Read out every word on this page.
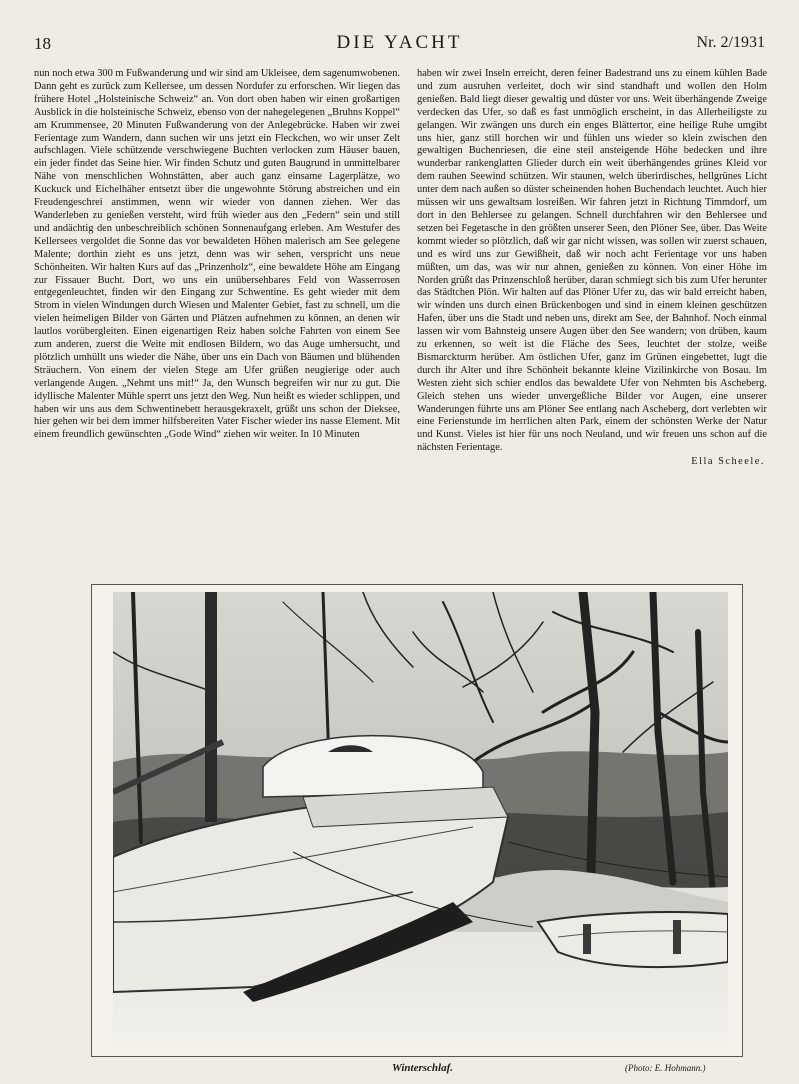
18	DIE YACHT	Nr. 2/1931
nun noch etwa 300 m Fußwanderung und wir sind am Ukleisee, dem sagenumwobenen. Dann geht es zurück zum Kellersee, um dessen Nordufer zu erforschen. Wir liegen das frühere Hotel „Holsteinische Schweiz“ an. Von dort oben haben wir einen großartigen Ausblick in die holsteinische Schweiz, ebenso von der nahegelegenen „Bruhns Koppel“ am Krummensee, 20 Minuten Fußwanderung von der Anlegebrücke. Haben wir zwei Ferientage zum Wandern, dann suchen wir uns jetzt ein Fleckchen, wo wir unser Zelt aufschlagen. Viele schützende verschwiegene Buchten verlocken zum Häuser bauen, ein jeder findet das Seine hier. Wir finden Schutz und guten Baugrund in unmittelbarer Nähe von menschlichen Wohnstätten, aber auch ganz einsame Lagerplätze, wo Kuckuck und Eichelhäher entsetzt über die ungewohnte Störung abstreichen und ein Freudengeschrei anstimmen, wenn wir wieder von dannen ziehen. Wer das Wanderleben zu genießen versteht, wird früh wieder aus den „Federn“ sein und still und andächtig den unbeschreiblich schönen Sonnenaufgang erleben. Am Westufer des Kellersees vergoldet die Sonne das vor bewaldeten Höhen malerisch am See gelegene Malente; dorthin zieht es uns jetzt, denn was wir sehen, verspricht uns neue Schönheiten. Wir halten Kurs auf das „Prinzenholz“, eine bewaldete Höhe am Eingang zur Fissauer Bucht. Dort, wo uns ein unübersehbares Feld von Wasserrosen entgegenleuchtet, finden wir den Eingang zur Schwentine. Es geht wieder mit dem Strom in vielen Windungen durch Wiesen und Malenter Gebiet, fast zu schnell, um die vielen heimeligen Bilder von Gärten und Plätzen aufnehmen zu können, an denen wir lautlos vorübergleiten. Einen eigenartigen Reiz haben solche Fahrten von einem See zum anderen, zuerst die Weite mit endlosen Bildern, wo das Auge umhersucht, und plötzlich umhüllt uns wieder die Nähe, über uns ein Dach von Bäumen und blühenden Sträuchern. Von einem der vielen Stege am Ufer grüßen neugierige oder auch verlangende Augen. „Nehmt uns mit!“ Ja, den Wunsch begreifen wir nur zu gut. Die idyllische Malenter Mühle sperrt uns jetzt den Weg. Nun heißt es wieder schlippen, und haben wir uns aus dem Schwentinebett herausgekraxelt, grüßt uns schon der Dieksee, hier gehen wir bei dem immer hilfsbereiten Vater Fischer wieder ins nasse Element. Mit einem freundlich gewünschten „Gode Wind“ ziehen wir weiter. In 10 Minuten
haben wir zwei Inseln erreicht, deren feiner Badestrand uns zu einem kühlen Bade und zum ausruhen verleitet, doch wir sind standhaft und wollen den Holm genießen. Bald liegt dieser gewaltig und düster vor uns. Weit überhängende Zweige verdecken das Ufer, so daß es fast unmöglich erscheint, in das Allerheiligste zu gelangen. Wir zwängen uns durch ein enges Blättertor, eine heilige Ruhe umgibt uns hier, ganz still horchen wir und fühlen uns wieder so klein zwischen den gewaltigen Buchenriesen, die eine steil ansteigende Höhe bedecken und ihre wunderbar rankenglatten Glieder durch ein weit überhängendes grünes Kleid vor dem rauhen Seewind schützen. Wir staunen, welch überirdisches, hellgrünes Licht unter dem nach außen so düster scheinenden hohen Buchendach leuchtet. Auch hier müssen wir uns gewaltsam losreißen. Wir fahren jetzt in Richtung Timmdorf, um dort in den Behlersee zu gelangen. Schnell durchfahren wir den Behlersee und setzen bei Fegetasche in den größten unserer Seen, den Plöner See, über. Das Weite kommt wieder so plötzlich, daß wir gar nicht wissen, was sollen wir zuerst schauen, und es wird uns zur Gewißheit, daß wir noch acht Ferientage vor uns haben müßten, um das, was wir nur ahnen, genießen zu können. Von einer Höhe im Norden grüßt das Prinzenschloß herüber, daran schmiegt sich bis zum Ufer herunter das Städtchen Plön. Wir halten auf das Plöner Ufer zu, das wir bald erreicht haben, wir winden uns durch einen Brückenbogen und sind in einem kleinen geschützen Hafen, über uns die Stadt und neben uns, direkt am See, der Bahnhof. Noch einmal lassen wir vom Bahnsteig unsere Augen über den See wandern; von drüben, kaum zu erkennen, so weit ist die Fläche des Sees, leuchtet der stolze, weiße Bismarckturm herüber. Am östlichen Ufer, ganz im Grünen eingebettet, lugt die durch ihr Alter und ihre Schönheit bekannte kleine Vizilinkirche von Bosau. Im Westen zieht sich schier endlos das bewaldete Ufer von Nehmten bis Ascheberg. Gleich stehen uns wieder unvergeßliche Bilder vor Augen, eine unserer Wanderungen führte uns am Plöner See entlang nach Ascheberg, dort verlebten wir eine Ferienstunde im herrlichen alten Park, einem der schönsten Werke der Natur und Kunst. Vieles ist hier für uns noch Neuland, und wir freuen uns schon auf die nächsten Ferientage.
Ella Scheele.
Winterschlaf.	(Photo: E. Hohmann.)
